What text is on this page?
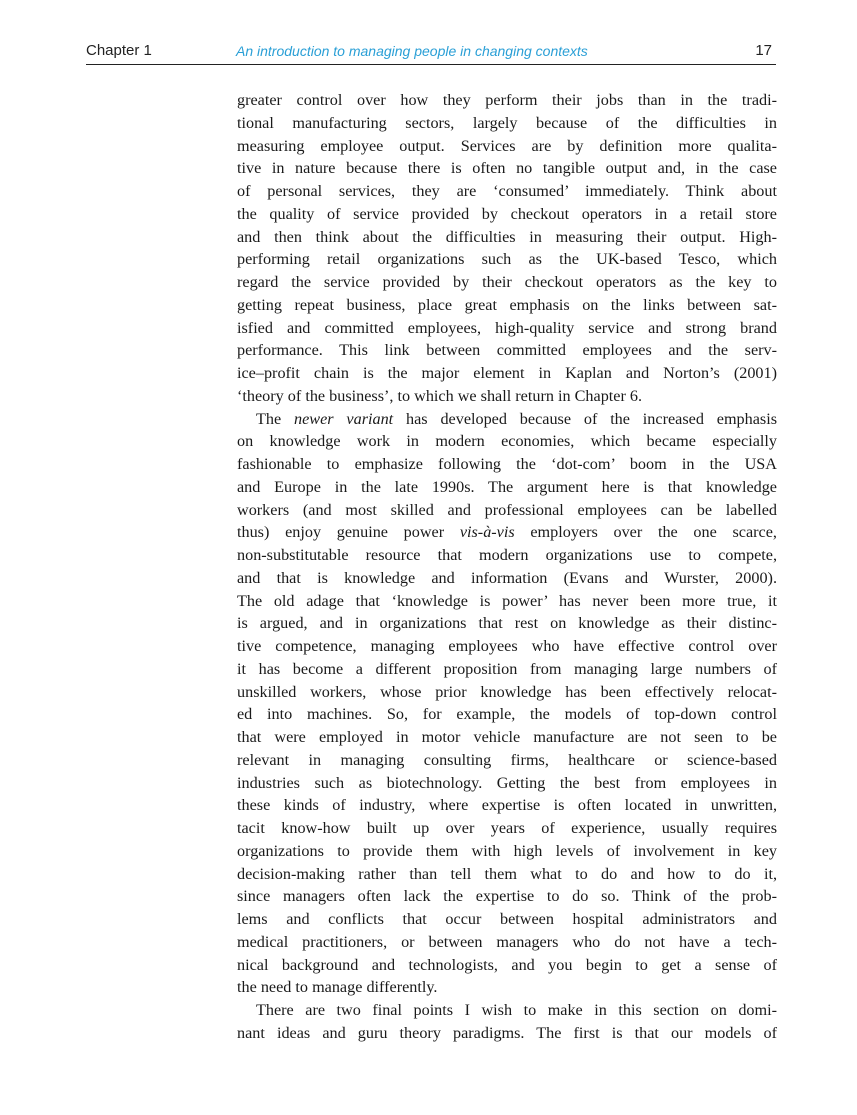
Chapter 1	An introduction to managing people in changing contexts	17
greater control over how they perform their jobs than in the tradi-
tional manufacturing sectors, largely because of the difficulties in
measuring employee output. Services are by definition more qualita-
tive in nature because there is often no tangible output and, in the case
of personal services, they are ‘consumed’ immediately. Think about
the quality of service provided by checkout operators in a retail store
and then think about the difficulties in measuring their output. High-
performing retail organizations such as the UK-based Tesco, which
regard the service provided by their checkout operators as the key to
getting repeat business, place great emphasis on the links between sat-
isfied and committed employees, high-quality service and strong brand
performance. This link between committed employees and the serv-
ice–profit chain is the major element in Kaplan and Norton’s (2001)
‘theory of the business’, to which we shall return in Chapter 6.
The newer variant has developed because of the increased emphasis
on knowledge work in modern economies, which became especially
fashionable to emphasize following the ‘dot-com’ boom in the USA
and Europe in the late 1990s. The argument here is that knowledge
workers (and most skilled and professional employees can be labelled
thus) enjoy genuine power vis-à-vis employers over the one scarce,
non-substitutable resource that modern organizations use to compete,
and that is knowledge and information (Evans and Wurster, 2000).
The old adage that ‘knowledge is power’ has never been more true, it
is argued, and in organizations that rest on knowledge as their distinc-
tive competence, managing employees who have effective control over
it has become a different proposition from managing large numbers of
unskilled workers, whose prior knowledge has been effectively relocat-
ed into machines. So, for example, the models of top-down control
that were employed in motor vehicle manufacture are not seen to be
relevant in managing consulting firms, healthcare or science-based
industries such as biotechnology. Getting the best from employees in
these kinds of industry, where expertise is often located in unwritten,
tacit know-how built up over years of experience, usually requires
organizations to provide them with high levels of involvement in key
decision-making rather than tell them what to do and how to do it,
since managers often lack the expertise to do so. Think of the prob-
lems and conflicts that occur between hospital administrators and
medical practitioners, or between managers who do not have a tech-
nical background and technologists, and you begin to get a sense of
the need to manage differently.
There are two final points I wish to make in this section on domi-
nant ideas and guru theory paradigms. The first is that our models of
